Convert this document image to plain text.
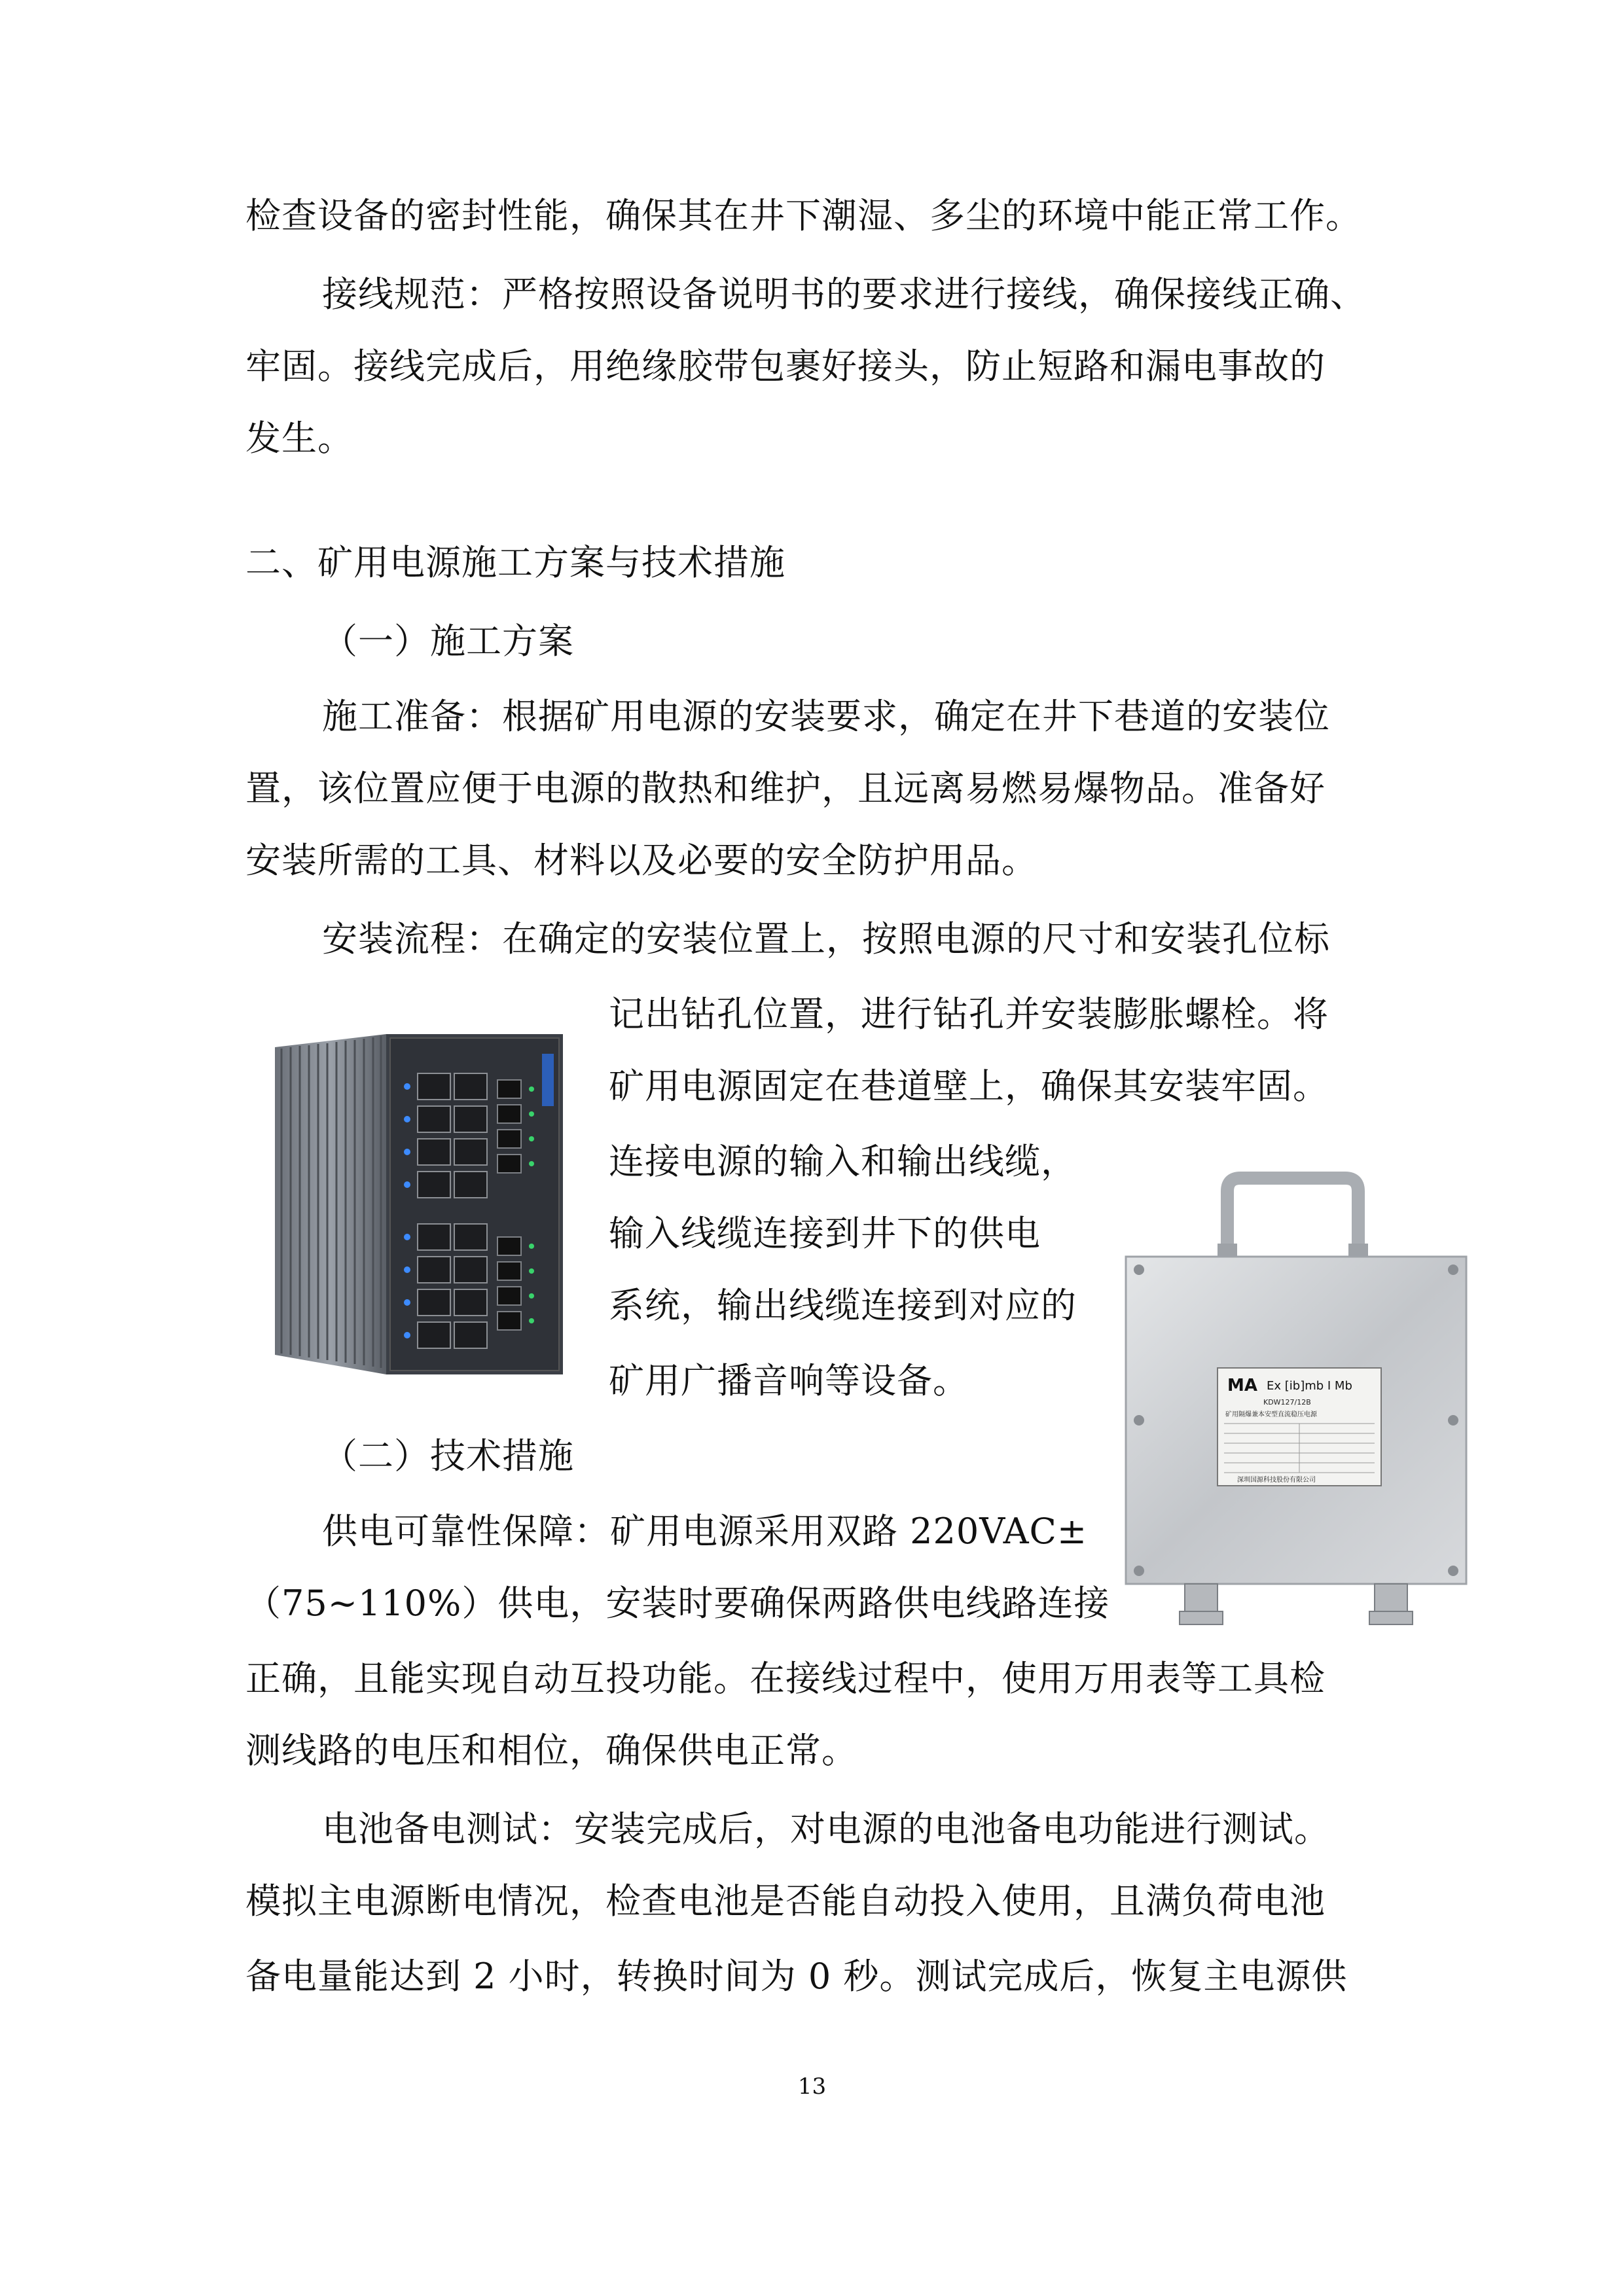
检查设备的密封性能，确保其在井下潮湿、多尘的环境中能正常工作。
接线规范：严格按照设备说明书的要求进行接线，确保接线正确、
牢固。接线完成后，用绝缘胶带包裹好接头，防止短路和漏电事故的
发生。
二、矿用电源施工方案与技术措施
（一）施工方案
施工准备：根据矿用电源的安装要求，确定在井下巷道的安装位
置，该位置应便于电源的散热和维护，且远离易燃易爆物品。准备好
安装所需的工具、材料以及必要的安全防护用品。
安装流程：在确定的安装位置上，按照电源的尺寸和安装孔位标
记出钻孔位置，进行钻孔并安装膨胀螺栓。将
矿用电源固定在巷道壁上，确保其安装牢固。
连接电源的输入和输出线缆，
输入线缆连接到井下的供电
系统，输出线缆连接到对应的
矿用广播音响等设备。
（二）技术措施
供电可靠性保障：矿用电源采用双路 220VAC±
（75~110%）供电，安装时要确保两路供电线路连接
正确，且能实现自动互投功能。在接线过程中，使用万用表等工具检
测线路的电压和相位，确保供电正常。
电池备电测试：安装完成后，对电源的电池备电功能进行测试。
模拟主电源断电情况，检查电池是否能自动投入使用，且满负荷电池
备电量能达到 2 小时，转换时间为 0 秒。测试完成后，恢复主电源供
13
MA Ex [ib]mb I Mb
KDW127/12B
矿用隔爆兼本安型直流稳压电源
深圳国源科技股份有限公司
